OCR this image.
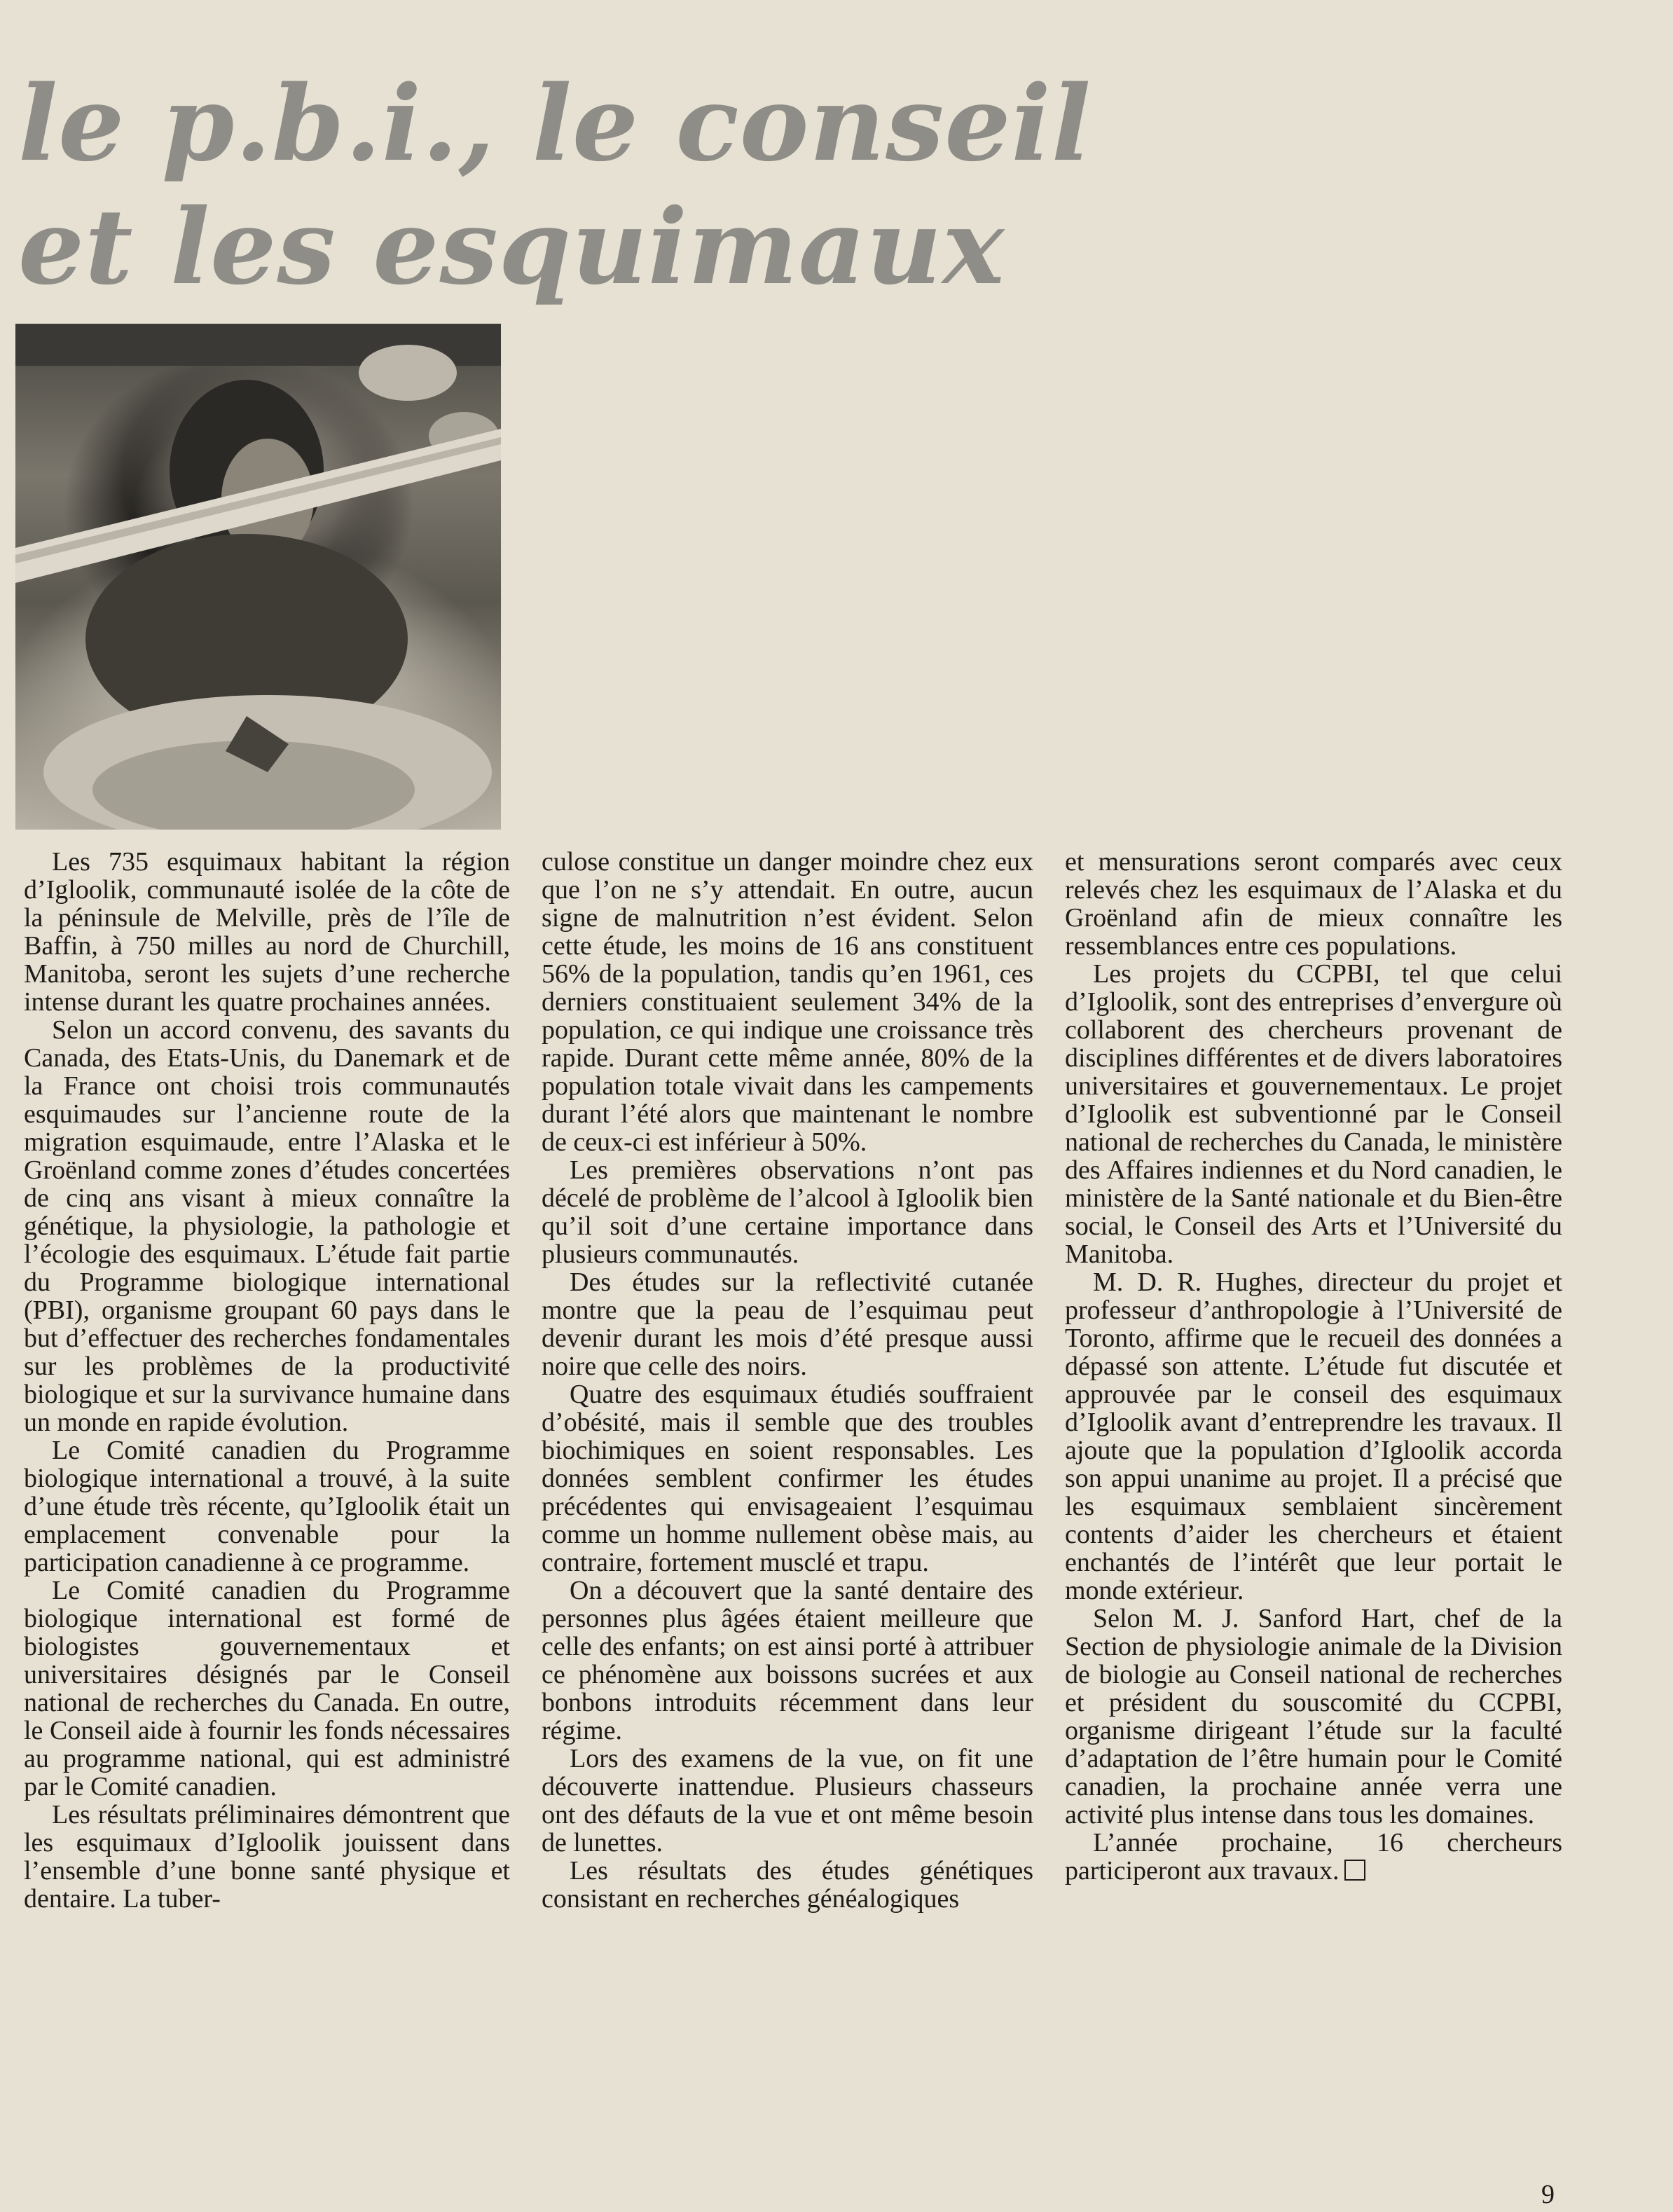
le p.b.i., le conseil
et les esquimaux

Les 735 esquimaux habitant la région d’Igloolik, communauté isolée de la côte de la péninsule de Melville, près de l’île de Baffin, à 750 milles au nord de Churchill, Manitoba, seront les sujets d’une recherche intense durant les quatre prochaines années.

Selon un accord convenu, des savants du Canada, des Etats-Unis, du Danemark et de la France ont choisi trois communautés esquimaudes sur l’ancienne route de la migration esquimaude, entre l’Alaska et le Groënland comme zones d’études concertées de cinq ans visant à mieux connaître la génétique, la physiologie, la pathologie et l’écologie des esquimaux. L’étude fait partie du Programme biologique international (PBI), organisme groupant 60 pays dans le but d’effectuer des recherches fondamentales sur les problèmes de la productivité biologique et sur la survivance humaine dans un monde en rapide évolution.

Le Comité canadien du Programme biologique international a trouvé, à la suite d’une étude très récente, qu’Igloolik était un emplacement convenable pour la participation canadienne à ce programme.

Le Comité canadien du Programme biologique international est formé de biologistes gouvernementaux et universitaires désignés par le Conseil national de recherches du Canada. En outre, le Conseil aide à fournir les fonds nécessaires au programme national, qui est administré par le Comité canadien.

Les résultats préliminaires démontrent que les esquimaux d’Igloolik jouissent dans l’ensemble d’une bonne santé physique et dentaire. La tuber-

culose constitue un danger moindre chez eux que l’on ne s’y attendait. En outre, aucun signe de malnutrition n’est évident. Selon cette étude, les moins de 16 ans constituent 56% de la population, tandis qu’en 1961, ces derniers constituaient seulement 34% de la population, ce qui indique une croissance très rapide. Durant cette même année, 80% de la population totale vivait dans les campements durant l’été alors que maintenant le nombre de ceux-ci est inférieur à 50%.

Les premières observations n’ont pas décelé de problème de l’alcool à Igloolik bien qu’il soit d’une certaine importance dans plusieurs communautés.

Des études sur la reflectivité cutanée montre que la peau de l’esquimau peut devenir durant les mois d’été presque aussi noire que celle des noirs.

Quatre des esquimaux étudiés souffraient d’obésité, mais il semble que des troubles biochimiques en soient responsables. Les données semblent confirmer les études précédentes qui envisageaient l’esquimau comme un homme nullement obèse mais, au contraire, fortement musclé et trapu.

On a découvert que la santé dentaire des personnes plus âgées étaient meilleure que celle des enfants; on est ainsi porté à attribuer ce phénomène aux boissons sucrées et aux bonbons introduits récemment dans leur régime.

Lors des examens de la vue, on fit une découverte inattendue. Plusieurs chasseurs ont des défauts de la vue et ont même besoin de lunettes.

Les résultats des études génétiques consistant en recherches généalogiques

et mensurations seront comparés avec ceux relevés chez les esquimaux de l’Alaska et du Groënland afin de mieux connaître les ressemblances entre ces populations.

Les projets du CCPBI, tel que celui d’Igloolik, sont des entreprises d’envergure où collaborent des chercheurs provenant de disciplines différentes et de divers laboratoires universitaires et gouvernementaux. Le projet d’Igloolik est subventionné par le Conseil national de recherches du Canada, le ministère des Affaires indiennes et du Nord canadien, le ministère de la Santé nationale et du Bien-être social, le Conseil des Arts et l’Université du Manitoba.

M. D. R. Hughes, directeur du projet et professeur d’anthropologie à l’Université de Toronto, affirme que le recueil des données a dépassé son attente. L’étude fut discutée et approuvée par le conseil des esquimaux d’Igloolik avant d’entreprendre les travaux. Il ajoute que la population d’Igloolik accorda son appui unanime au projet. Il a précisé que les esquimaux semblaient sincèrement contents d’aider les chercheurs et étaient enchantés de l’intérêt que leur portait le monde extérieur.

Selon M. J. Sanford Hart, chef de la Section de physiologie animale de la Division de biologie au Conseil national de recherches et président du souscomité du CCPBI, organisme dirigeant l’étude sur la faculté d’adaptation de l’être humain pour le Comité canadien, la prochaine année verra une activité plus intense dans tous les domaines.

L’année prochaine, 16 chercheurs participeront aux travaux.

9
